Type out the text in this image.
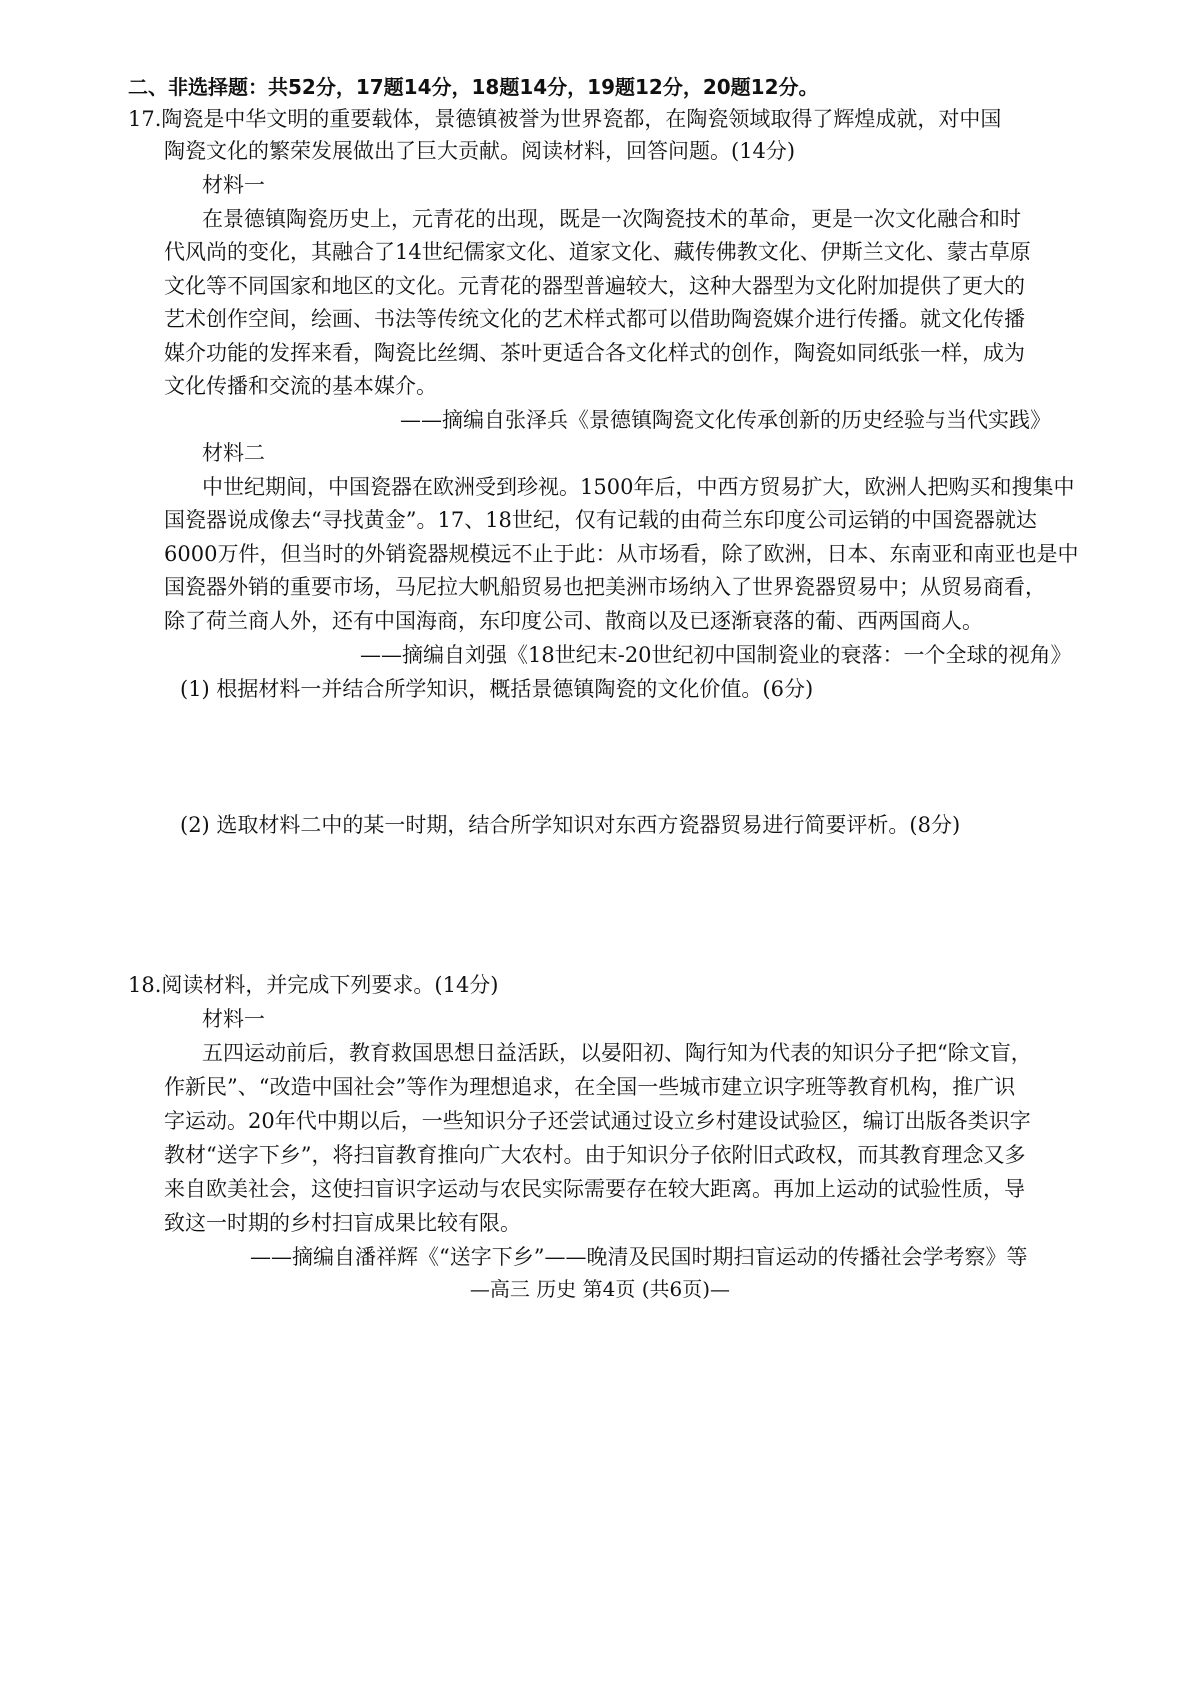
二、非选择题：共52分，17题14分，18题14分，19题12分，20题12分。
17.陶瓷是中华文明的重要载体，景德镇被誉为世界瓷都，在陶瓷领域取得了辉煌成就，对中国
陶瓷文化的繁荣发展做出了巨大贡献。阅读材料，回答问题。(14分)
材料一
在景德镇陶瓷历史上，元青花的出现，既是一次陶瓷技术的革命，更是一次文化融合和时
代风尚的变化，其融合了14世纪儒家文化、道家文化、藏传佛教文化、伊斯兰文化、蒙古草原
文化等不同国家和地区的文化。元青花的器型普遍较大，这种大器型为文化附加提供了更大的
艺术创作空间，绘画、书法等传统文化的艺术样式都可以借助陶瓷媒介进行传播。就文化传播
媒介功能的发挥来看，陶瓷比丝绸、茶叶更适合各文化样式的创作，陶瓷如同纸张一样，成为
文化传播和交流的基本媒介。
——摘编自张泽兵《景德镇陶瓷文化传承创新的历史经验与当代实践》
材料二
中世纪期间，中国瓷器在欧洲受到珍视。1500年后，中西方贸易扩大，欧洲人把购买和搜集中
国瓷器说成像去“寻找黄金”。17、18世纪，仅有记载的由荷兰东印度公司运销的中国瓷器就达
6000万件，但当时的外销瓷器规模远不止于此：从市场看，除了欧洲，日本、东南亚和南亚也是中
国瓷器外销的重要市场，马尼拉大帆船贸易也把美洲市场纳入了世界瓷器贸易中；从贸易商看，
除了荷兰商人外，还有中国海商，东印度公司、散商以及已逐渐衰落的葡、西两国商人。
——摘编自刘强《18世纪末-20世纪初中国制瓷业的衰落：一个全球的视角》
(1) 根据材料一并结合所学知识，概括景德镇陶瓷的文化价值。(6分)
(2) 选取材料二中的某一时期，结合所学知识对东西方瓷器贸易进行简要评析。(8分)
18.阅读材料，并完成下列要求。(14分)
材料一
五四运动前后，教育救国思想日益活跃，以晏阳初、陶行知为代表的知识分子把“除文盲，
作新民”、“改造中国社会”等作为理想追求，在全国一些城市建立识字班等教育机构，推广识
字运动。20年代中期以后，一些知识分子还尝试通过设立乡村建设试验区，编订出版各类识字
教材“送字下乡”，将扫盲教育推向广大农村。由于知识分子依附旧式政权，而其教育理念又多
来自欧美社会，这使扫盲识字运动与农民实际需要存在较大距离。再加上运动的试验性质，导
致这一时期的乡村扫盲成果比较有限。
——摘编自潘祥辉《“送字下乡”——晚清及民国时期扫盲运动的传播社会学考察》等
—高三 历史 第4页 (共6页)—
